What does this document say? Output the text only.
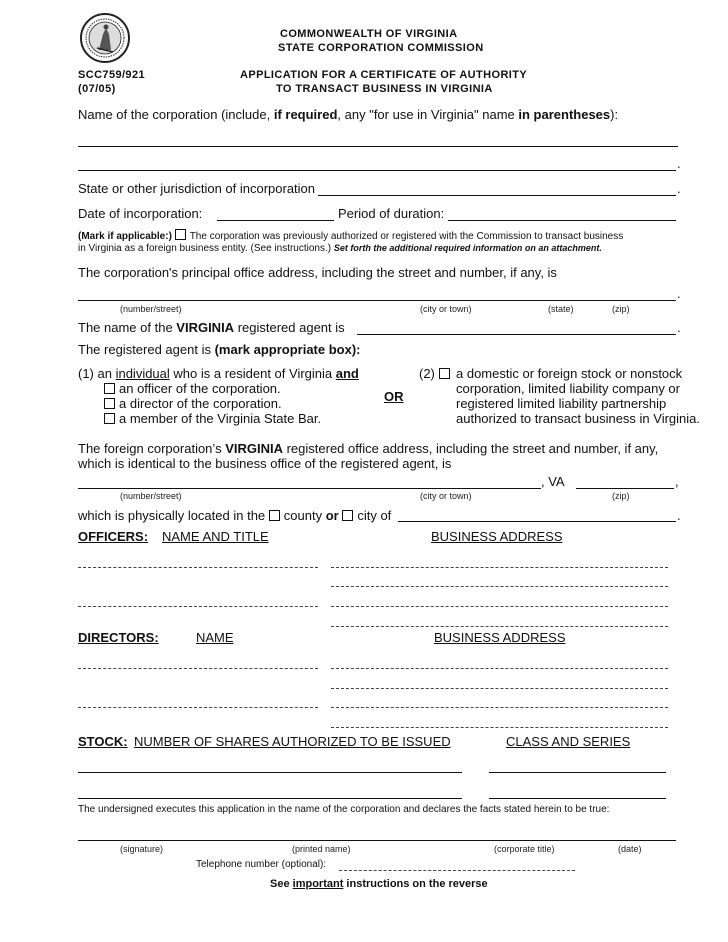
COMMONWEALTH OF VIRGINIA
STATE CORPORATION COMMISSION
SCC759/921
(07/05)
APPLICATION FOR A CERTIFICATE OF AUTHORITY
TO TRANSACT BUSINESS IN VIRGINIA
Name of the corporation (include, if required, any "for use in Virginia" name in parentheses):
.
State or other jurisdiction of incorporation	.
Date of incorporation:	Period of duration:
(Mark if applicable:) The corporation was previously authorized or registered with the Commission to transact business
in Virginia as a foreign business entity. (See instructions.) Set forth the additional required information on an attachment.
The corporation's principal office address, including the street and number, if any, is
.
(number/street)	(city or town)	(state)	(zip)
The name of the VIRGINIA registered agent is	.
The registered agent is (mark appropriate box):
(1) an individual who is a resident of Virginia and
an officer of the corporation.
a director of the corporation.
a member of the Virginia State Bar.
OR
(2)	a domestic or foreign stock or nonstock
corporation, limited liability company or
registered limited liability partnership
authorized to transact business in Virginia.
The foreign corporation’s VIRGINIA registered office address, including the street and number, if any,
which is identical to the business office of the registered agent, is
, VA	,
(number/street)	(city or town)	(zip)
which is physically located in the county or city of	.
OFFICERS: NAME AND TITLE	BUSINESS ADDRESS
DIRECTORS:	NAME	BUSINESS ADDRESS
STOCK: NUMBER OF SHARES AUTHORIZED TO BE ISSUED	CLASS AND SERIES
The undersigned executes this application in the name of the corporation and declares the facts stated herein to be true:
(signature)	(printed name)	(corporate title)	(date)
Telephone number (optional):
See important instructions on the reverse
